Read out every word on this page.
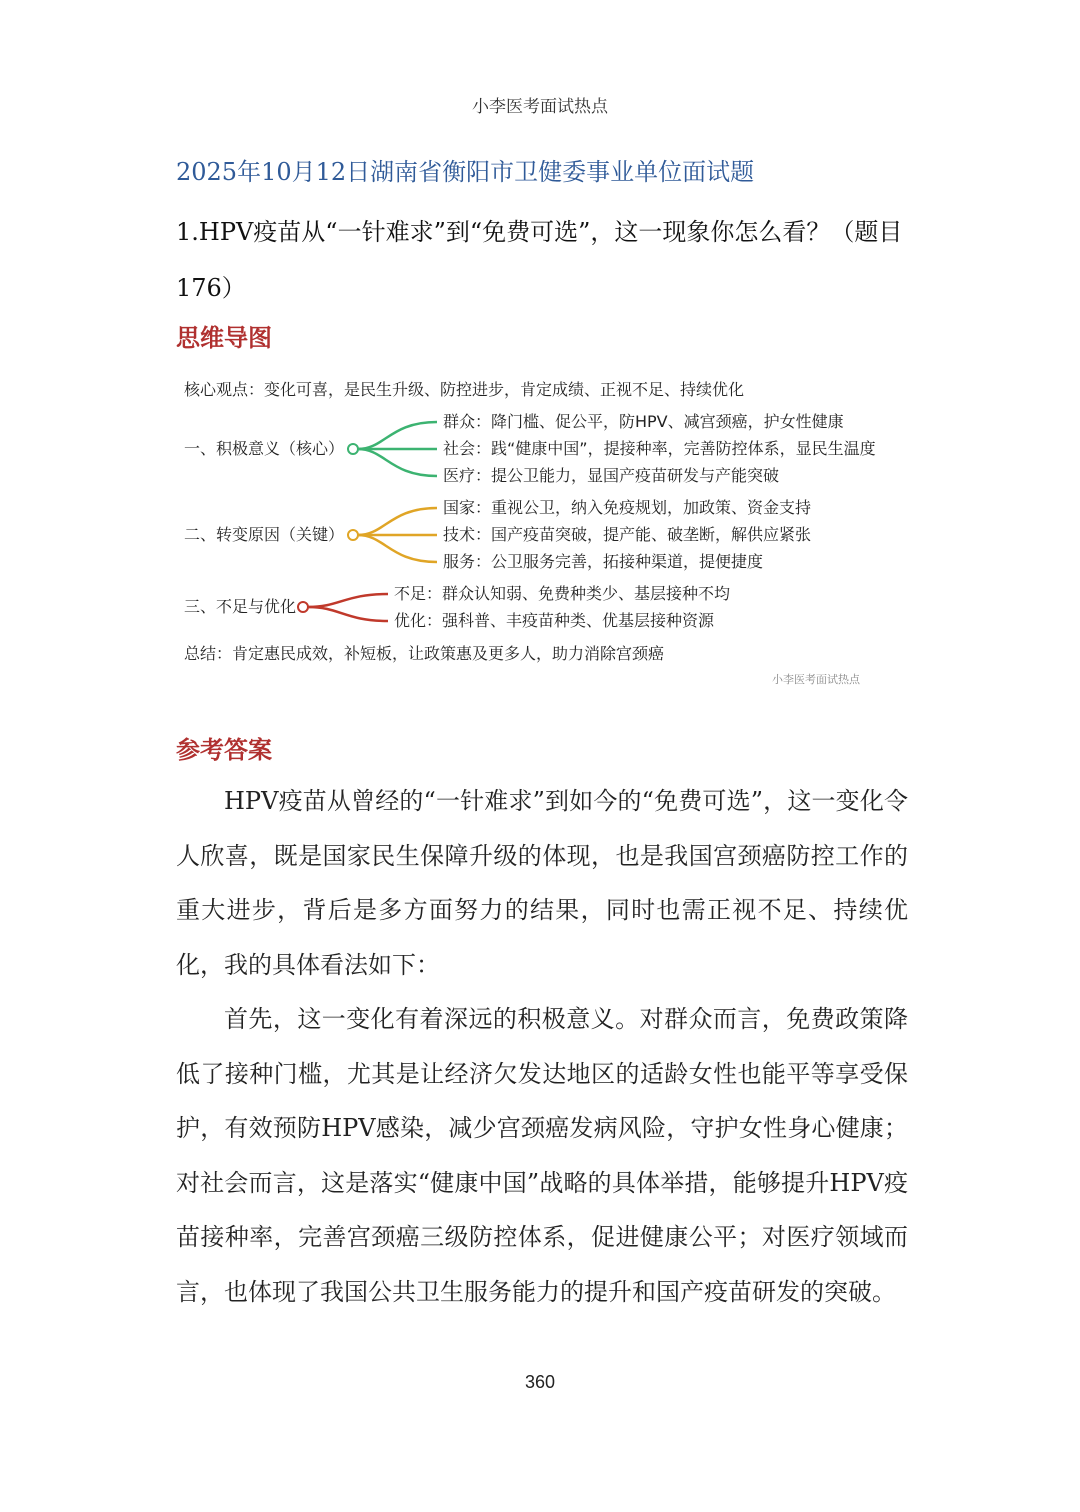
小李医考面试热点
2025年10月12日湖南省衡阳市卫健委事业单位面试题
1.HPV疫苗从“一针难求”到“免费可选”，这一现象你怎么看？（题目176）
思维导图
核心观点：变化可喜，是民生升级、防控进步，肯定成绩、正视不足、持续优化
一、积极意义（核心）
群众：降门槛、促公平，防HPV、减宫颈癌，护女性健康
社会：践“健康中国”，提接种率，完善防控体系，显民生温度
医疗：提公卫能力，显国产疫苗研发与产能突破
二、转变原因（关键）
国家：重视公卫，纳入免疫规划，加政策、资金支持
技术：国产疫苗突破，提产能、破垄断，解供应紧张
服务：公卫服务完善，拓接种渠道，提便捷度
三、不足与优化
不足：群众认知弱、免费种类少、基层接种不均
优化：强科普、丰疫苗种类、优基层接种资源
总结：肯定惠民成效，补短板，让政策惠及更多人，助力消除宫颈癌
小李医考面试热点
参考答案

HPV疫苗从曾经的“一针难求”到如今的“免费可选”，这一变化令人欣喜，既是国家民生保障升级的体现，也是我国宫颈癌防控工作的重大进步，背后是多方面努力的结果，同时也需正视不足、持续优化，我的具体看法如下：

首先，这一变化有着深远的积极意义。对群众而言，免费政策降低了接种门槛，尤其是让经济欠发达地区的适龄女性也能平等享受保护，有效预防HPV感染，减少宫颈癌发病风险，守护女性身心健康；对社会而言，这是落实“健康中国”战略的具体举措，能够提升HPV疫苗接种率，完善宫颈癌三级防控体系，促进健康公平；对医疗领域而言，也体现了我国公共卫生服务能力的提升和国产疫苗研发的突破。

360
